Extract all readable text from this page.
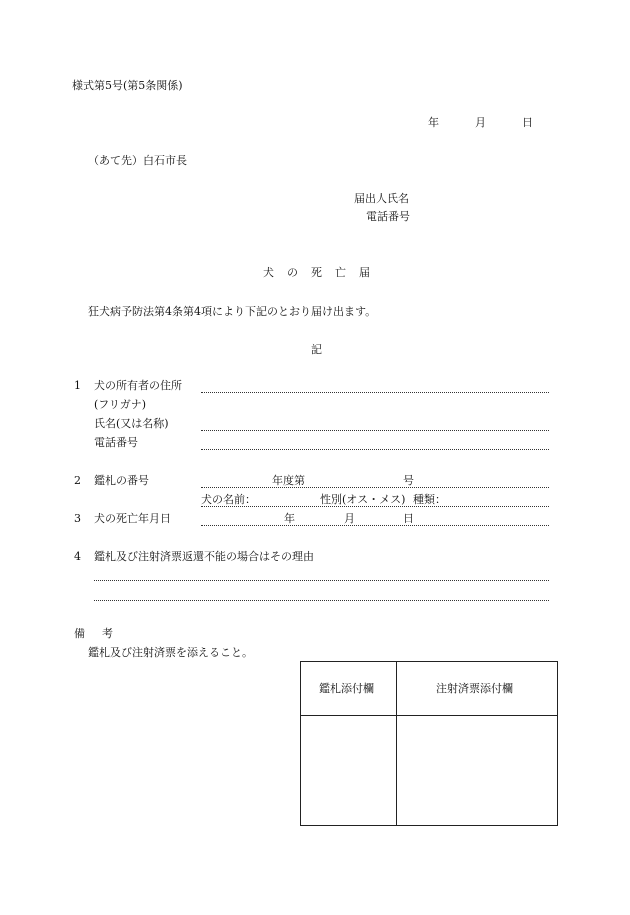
様式第5号(第5条関係)
年	月	日
（あて先）白石市長
届出人氏名
電話番号
犬 の 死 亡 届
狂犬病予防法第4条第4項により下記のとおり届け出ます。
記
1 犬の所有者の住所
(フリガナ)
氏名(又は名称)
電話番号
2 鑑札の番号	年度第	号
犬の名前：	性別(オス・メス) 種類：
3 犬の死亡年月日	年	月	日
4 鑑札及び注射済票返還不能の場合はその理由
備 考
鑑札及び注射済票を添えること。
鑑札添付欄	注射済票添付欄
